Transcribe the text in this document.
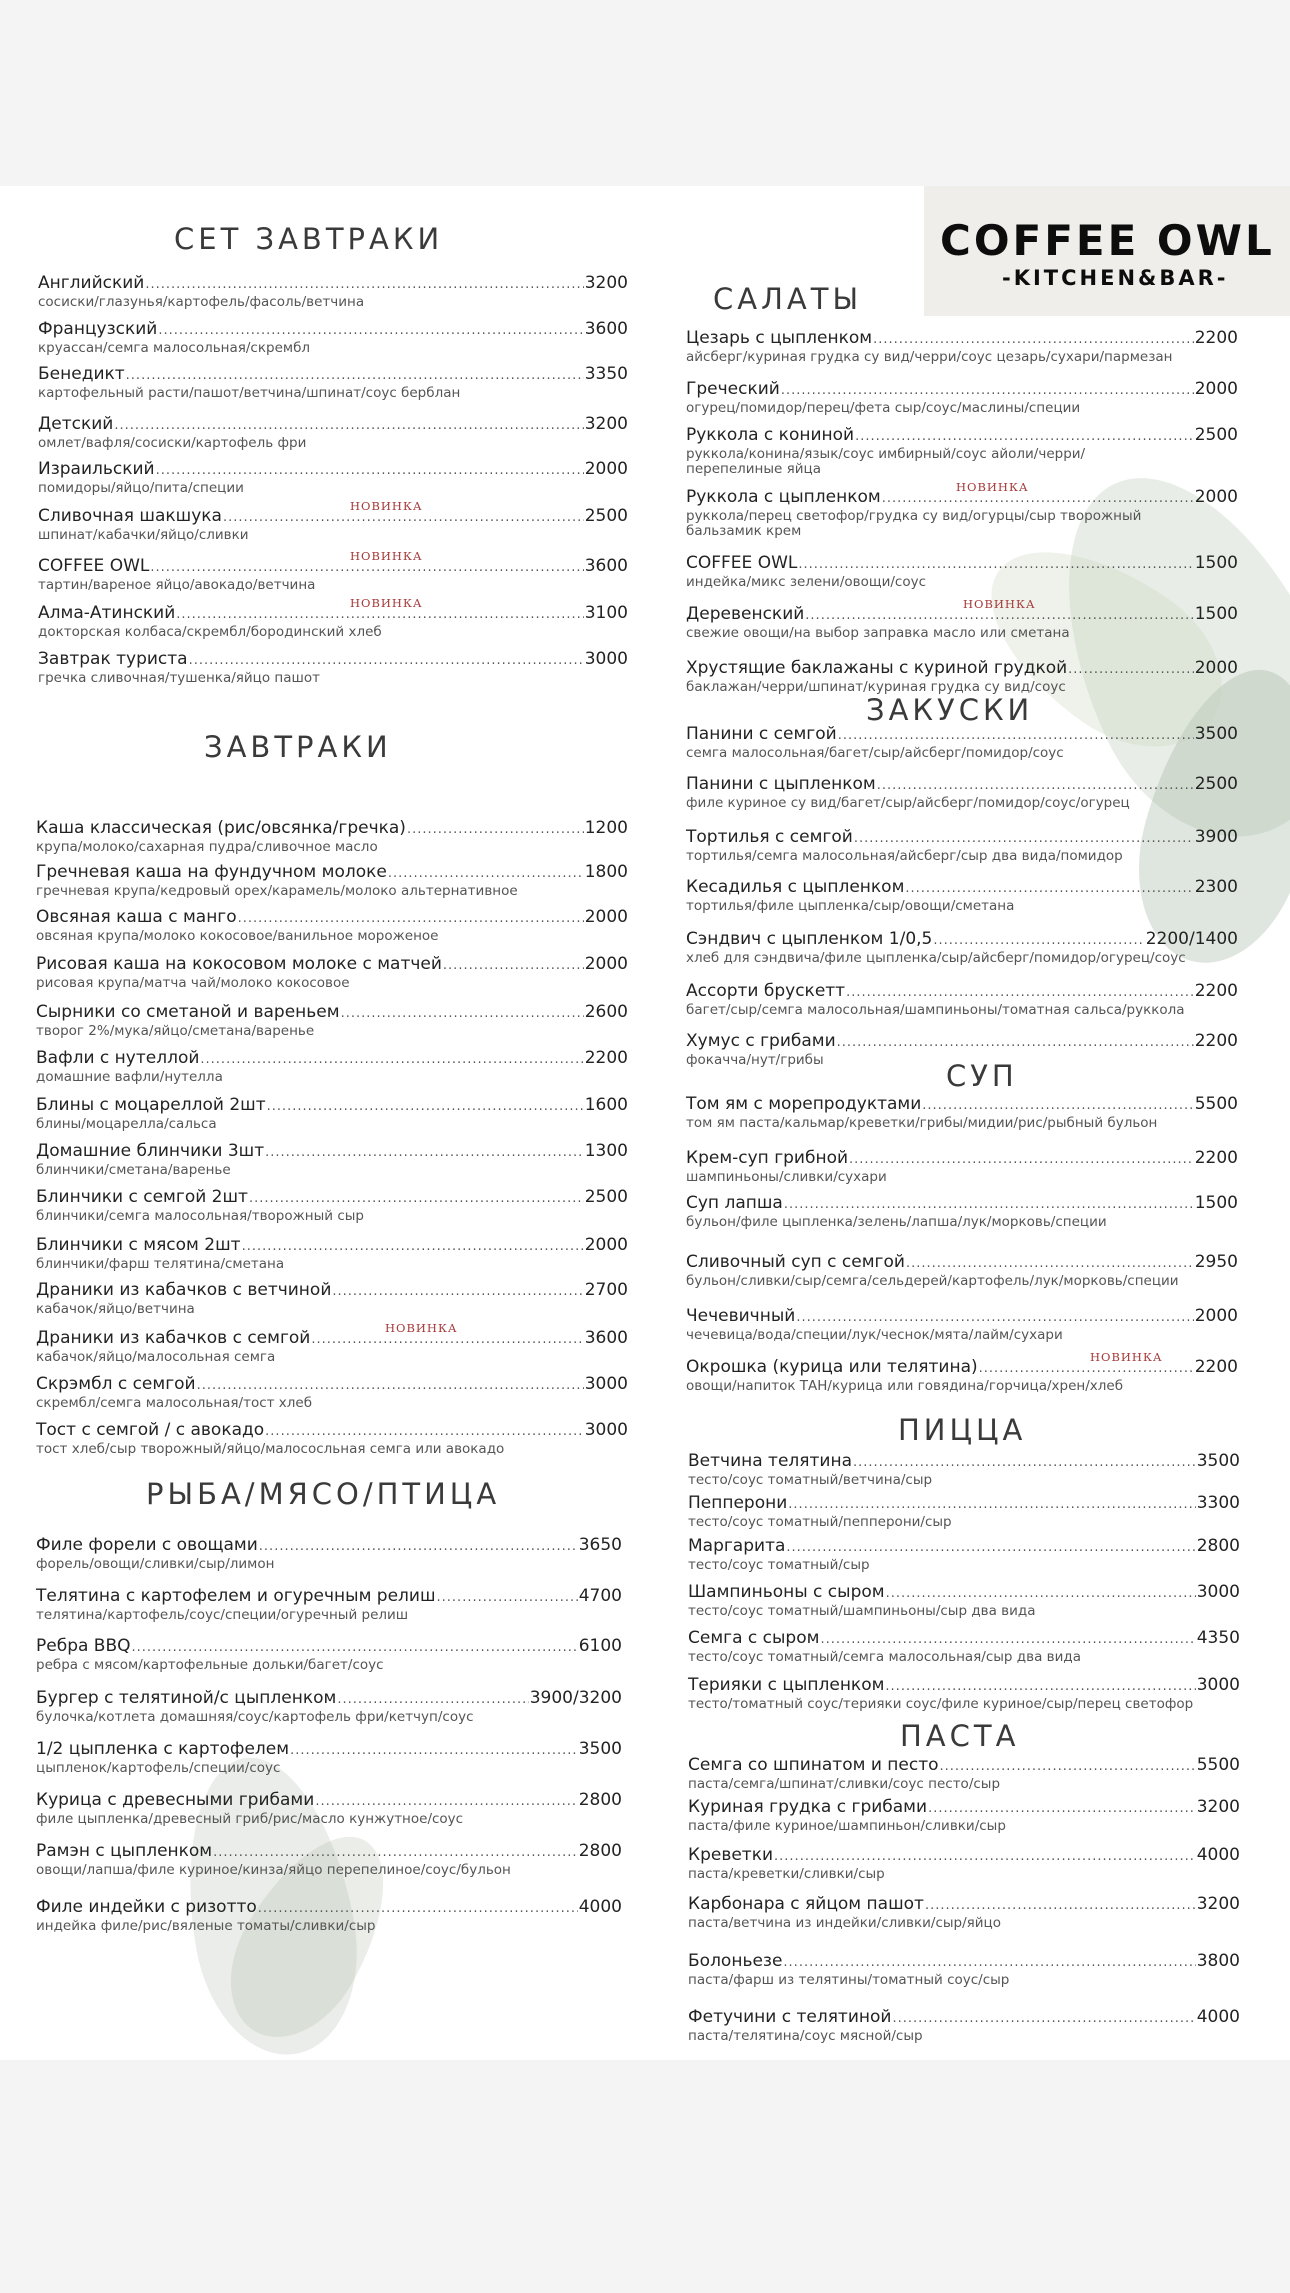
COFFEE OWL
-KITCHEN&BAR-
СЕТ ЗАВТРАКИ
ЗАВТРАКИ
РЫБА/МЯСО/ПТИЦА
САЛАТЫ
ЗАКУСКИ
СУП
ПИЦЦА
ПАСТА
Английский .....	3200
сосиски/глазунья/картофель/фасоль/ветчина
Французский .....	3600
круассан/семга малосольная/скрембл
Бенедикт .....	3350
картофельный расти/пашот/ветчина/шпинат/соус берблан
Детский .....	3200
омлет/вафля/сосиски/картофель фри
Израильский .....	2000
помидоры/яйцо/пита/специи
Сливочная шакшука .....	2500
шпинат/кабачки/яйцо/сливки
COFFEE OWL .....	3600
тартин/вареное яйцо/авокадо/ветчина
Алма-Атинский .....	3100
докторская колбаса/скрембл/бородинский хлеб
Завтрак туриста .....	3000
гречка сливочная/тушенка/яйцо пашот
Каша классическая (рис/овсянка/гречка) .....	1200
крупа/молоко/сахарная пудра/сливочное масло
Гречневая каша на фундучном молоке .....	1800
гречневая крупа/кедровый орех/карамель/молоко альтернативное
Овсяная каша с манго .....	2000
овсяная крупа/молоко кокосовое/ванильное мороженое
Рисовая каша на кокосовом молоке с матчей .....	2000
рисовая крупа/матча чай/молоко кокосовое
Сырники со сметаной и вареньем .....	2600
творог 2%/мука/яйцо/сметана/варенье
Вафли с нутеллой .....	2200
домашние вафли/нутелла
Блины с моцареллой 2шт .....	1600
блины/моцарелла/сальса
Домашние блинчики 3шт .....	1300
блинчики/сметана/варенье
Блинчики с семгой 2шт .....	2500
блинчики/семга малосольная/творожный сыр
Блинчики с мясом 2шт .....	2000
блинчики/фарш телятина/сметана
Драники из кабачков с ветчиной .....	2700
кабачок/яйцо/ветчина
Драники из кабачков с семгой .....	3600
кабачок/яйцо/малосольная семга
Скрэмбл с семгой .....	3000
скрембл/семга малосольная/тост хлеб
Тост с семгой / с авокадо .....	3000
тост хлеб/сыр творожный/яйцо/малососльная семга или авокадо
Филе форели с овощами .....	3650
форель/овощи/сливки/сыр/лимон
Телятина с картофелем и огуречным релиш .....	4700
телятина/картофель/соус/специи/огуречный релиш
Ребра BBQ .....	6100
ребра с мясом/картофельные дольки/багет/соус
Бургер с телятиной/с цыпленком .....	3900/3200
булочка/котлета домашняя/соус/картофель фри/кетчуп/соус
1/2 цыпленка с картофелем .....	3500
цыпленок/картофель/специи/соус
Курица с древесными грибами .....	2800
филе цыпленка/древесный гриб/рис/масло кунжутное/соус
Рамэн с цыпленком .....	2800
овощи/лапша/филе куриное/кинза/яйцо перепелиное/соус/бульон
Филе индейки с ризотто .....	4000
индейка филе/рис/вяленые томаты/сливки/сыр
Цезарь с цыпленком .....	2200
айсберг/куриная грудка су вид/черри/соус цезарь/сухари/пармезан
Греческий .....	2000
огурец/помидор/перец/фета сыр/соус/маслины/специи
Руккола с кониной .....	2500
руккола/конина/язык/соус имбирный/соус айоли/черри/ перепелиные яйца
Руккола с цыпленком .....	2000
руккола/перец светофор/грудка су вид/огурцы/сыр творожный бальзамик крем
COFFEE OWL .....	1500
индейка/микс зелени/овощи/соус
Деревенский .....	1500
свежие овощи/на выбор заправка масло или сметана
Хрустящие баклажаны с куриной грудкой .....	2000
баклажан/черри/шпинат/куриная грудка су вид/соус
Панини с семгой .....	3500
семга малосольная/багет/сыр/айсберг/помидор/соус
Панини с цыпленком .....	2500
филе куриное су вид/багет/сыр/айсберг/помидор/соус/огурец
Тортилья с семгой .....	3900
тортилья/семга малосольная/айсберг/сыр два вида/помидор
Кесадилья с цыпленком .....	2300
тортилья/филе цыпленка/сыр/овощи/сметана
Сэндвич с цыпленком 1/0,5 .....	2200/1400
хлеб для сэндвича/филе цыпленка/сыр/айсберг/помидор/огурец/соус
Ассорти брускетт .....	2200
багет/сыр/семга малосольная/шампиньоны/томатная сальса/руккола
Хумус с грибами .....	2200
фокачча/нут/грибы
Том ям с морепродуктами .....	5500
том ям паста/кальмар/креветки/грибы/мидии/рис/рыбный бульон
Крем-суп грибной .....	2200
шампиньоны/сливки/сухари
Суп лапша .....	1500
бульон/филе цыпленка/зелень/лапша/лук/морковь/специи
Сливочный суп с семгой .....	2950
бульон/сливки/сыр/семга/сельдерей/картофель/лук/морковь/специи
Чечевичный .....	2000
чечевица/вода/специи/лук/чеснок/мята/лайм/сухари
Окрошка (курица или телятина) .....	2200
овощи/напиток ТАН/курица или говядина/горчица/хрен/хлеб
Ветчина телятина .....	3500
тесто/соус томатный/ветчина/сыр
Пепперони .....	3300
тесто/соус томатный/пепперони/сыр
Маргарита .....	2800
тесто/соус томатный/сыр
Шампиньоны с сыром .....	3000
тесто/соус томатный/шампиньоны/сыр два вида
Семга с сыром .....	4350
тесто/соус томатный/семга малосольная/сыр два вида
Терияки с цыпленком .....	3000
тесто/томатный соус/терияки соус/филе куриное/сыр/перец светофор
Семга со шпинатом и песто .....	5500
паста/семга/шпинат/сливки/соус песто/сыр
Куриная грудка с грибами .....	3200
паста/филе куриное/шампиньон/сливки/сыр
Креветки .....	4000
паста/креветки/сливки/сыр
Карбонара с яйцом пашот .....	3200
паста/ветчина из индейки/сливки/сыр/яйцо
Болоньезе .....	3800
паста/фарш из телятины/томатный соус/сыр
Фетучини с телятиной .....	4000
паста/телятина/соус мясной/сыр
НОВИНКА
НОВИНКА
НОВИНКА
НОВИНКА
НОВИНКА
НОВИНКА
НОВИНКА
